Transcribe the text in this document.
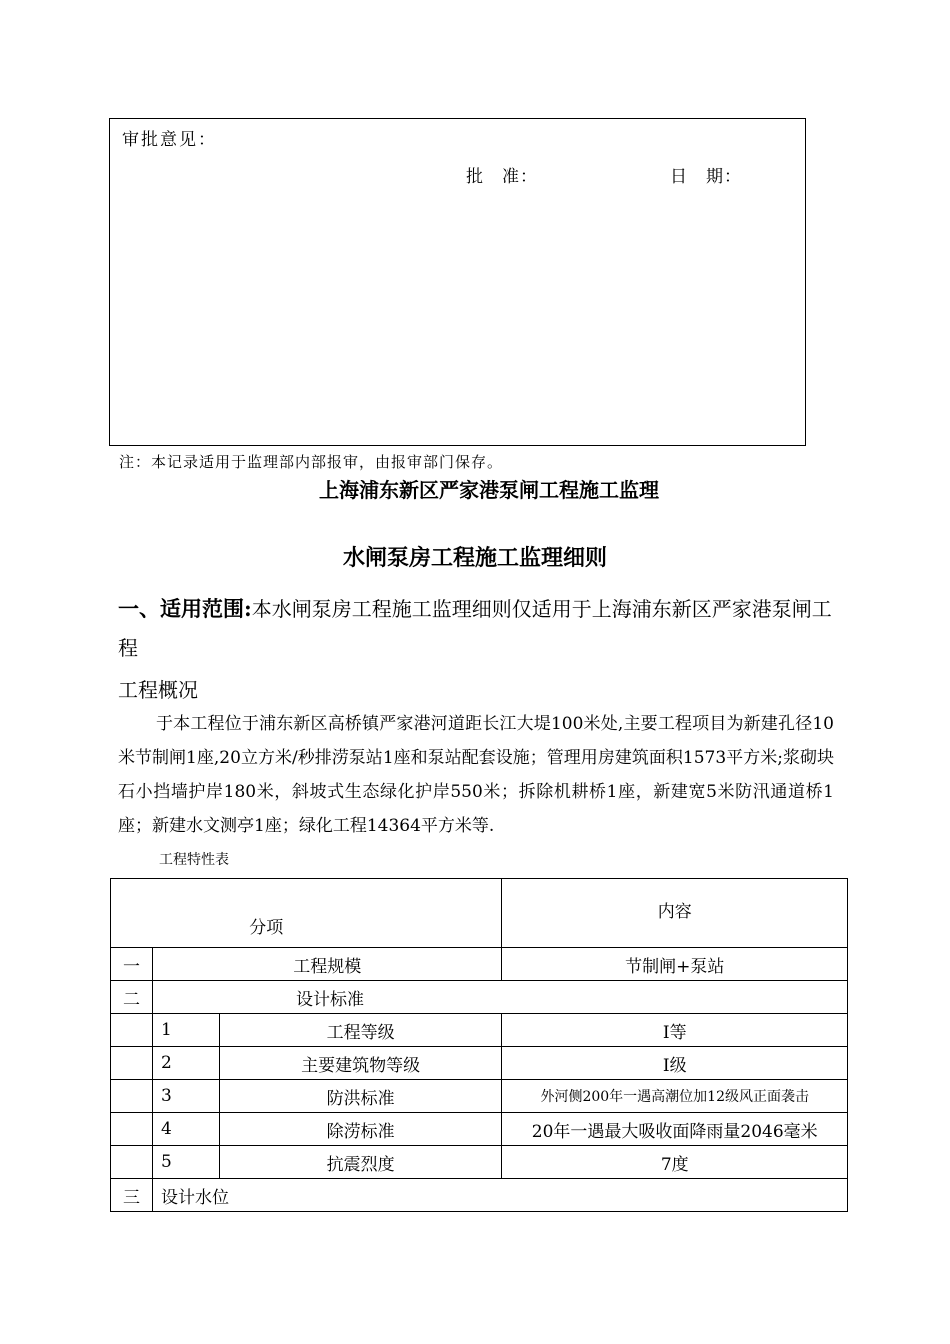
审批意见：
批　准：	日　期：
注：本记录适用于监理部内部报审，由报审部门保存。
上海浦东新区严家港泵闸工程施工监理
水闸泵房工程施工监理细则
一、适用范围:本水闸泵房工程施工监理细则仅适用于上海浦东新区严家港泵闸工程
工程概况
于本工程位于浦东新区高桥镇严家港河道距长江大堤100米处,主要工程项目为新建孔径10米节制闸1座,20立方米/秒排涝泵站1座和泵站配套设施；管理用房建筑面积1573平方米;浆砌块石小挡墙护岸180米，斜坡式生态绿化护岸550米；拆除机耕桥1座，新建宽5米防汛通道桥1座；新建水文测亭1座；绿化工程14364平方米等.
工程特性表
分项			内容
一	工程规模		节制闸+泵站
二	设计标准		
	1	工程等级	Ⅰ等
	2	主要建筑物等级	Ⅰ级
	3	防洪标准	外河侧200年一遇高潮位加12级风正面袭击
	4	除涝标准	20年一遇最大吸收面降雨量2046毫米
	5	抗震烈度	7度
三	设计水位		
